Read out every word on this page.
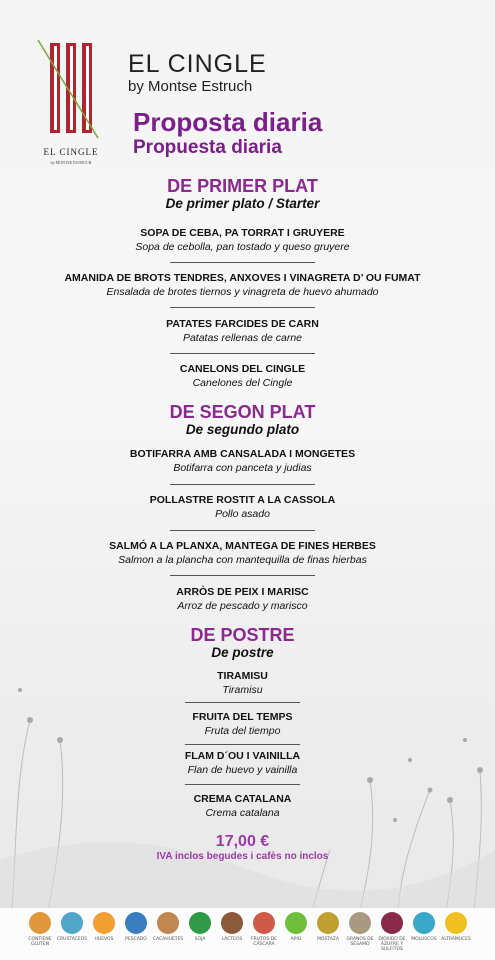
EL CINGLE
by MONTSE ESTRUCH
EL CINGLE
by Montse Estruch
Proposta diaria
Propuesta diaria
DE PRIMER PLAT
De primer plato / Starter
SOPA DE CEBA, PA TORRAT I GRUYERE
Sopa de cebolla, pan tostado y queso gruyere
AMANIDA DE BROTS TENDRES, ANXOVES I VINAGRETA D’ OU FUMAT
Ensalada de brotes tiernos y vinagreta de huevo ahumado
PATATES FARCIDES DE CARN
Patatas rellenas de carne
CANELONS DEL CINGLE
Canelones del Cingle
DE SEGON PLAT
De segundo plato
BOTIFARRA AMB CANSALADA I MONGETES
Botifarra con panceta y judias
POLLASTRE ROSTIT A LA CASSOLA
Pollo asado
SALMÓ A LA PLANXA, MANTEGA DE FINES HERBES
Salmon a la plancha con mantequilla de finas hierbas
ARRÒS DE PEIX I MARISC
Arroz de pescado y marisco
DE POSTRE
De postre
TIRAMISU
Tiramisu
FRUITA DEL TEMPS
Fruta del tiempo
FLAM D´OU I VAINILLA
Flan de huevo y vainilla
CREMA CATALANA
Crema catalana
17,00 €
IVA inclos begudes i cafès no inclos
CONTIENE GLUTEN
CRUSTÁCEOS	HUEVOS	PESCADO	CACAHUETES	SOJA	LÁCTEOS	FRUTOS DE CÁSCARA
APIO	MOSTAZA	GRANOS DE SÉSAMO
DIÓXIDO DE AZUFRE Y SULFITOS
MOLUSCOS ALTRAMUCES
